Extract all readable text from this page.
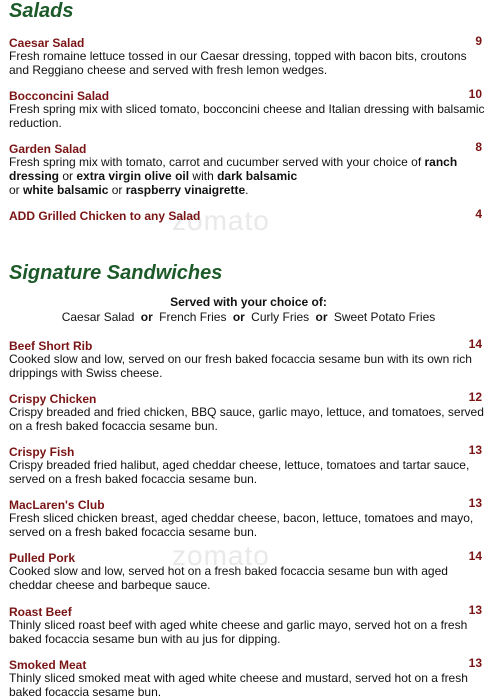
zomato
zomato
Salads
Caesar Salad	9
Fresh romaine lettuce tossed in our Caesar dressing, topped with bacon bits, croutons and Reggiano cheese and served with fresh lemon wedges.
Bocconcini Salad	10
Fresh spring mix with sliced tomato, bocconcini cheese and Italian dressing with balsamic reduction.
Garden Salad	8
Fresh spring mix with tomato, carrot and cucumber served with your choice of ranch dressing or extra virgin olive oil with dark balsamic
or white balsamic or raspberry vinaigrette.
ADD Grilled Chicken to any Salad	4
Signature Sandwiches
Served with your choice of:
Caesar Salad or French Fries or Curly Fries or Sweet Potato Fries
Beef Short Rib	14
Cooked slow and low, served on our fresh baked focaccia sesame bun with its own rich drippings with Swiss cheese.
Crispy Chicken	12
Crispy breaded and fried chicken, BBQ sauce, garlic mayo, lettuce, and tomatoes, served on a fresh baked focaccia sesame bun.
Crispy Fish	13
Crispy breaded fried halibut, aged cheddar cheese, lettuce, tomatoes and tartar sauce, served on a fresh baked focaccia sesame bun.
MacLaren's Club	13
Fresh sliced chicken breast, aged cheddar cheese, bacon, lettuce, tomatoes and mayo, served on a fresh baked focaccia sesame bun.
Pulled Pork	14
Cooked slow and low, served hot on a fresh baked focaccia sesame bun with aged cheddar cheese and barbeque sauce.
Roast Beef	13
Thinly sliced roast beef with aged white cheese and garlic mayo, served hot on a fresh baked focaccia sesame bun with au jus for dipping.
Smoked Meat	13
Thinly sliced smoked meat with aged white cheese and mustard, served hot on a fresh baked focaccia sesame bun.
